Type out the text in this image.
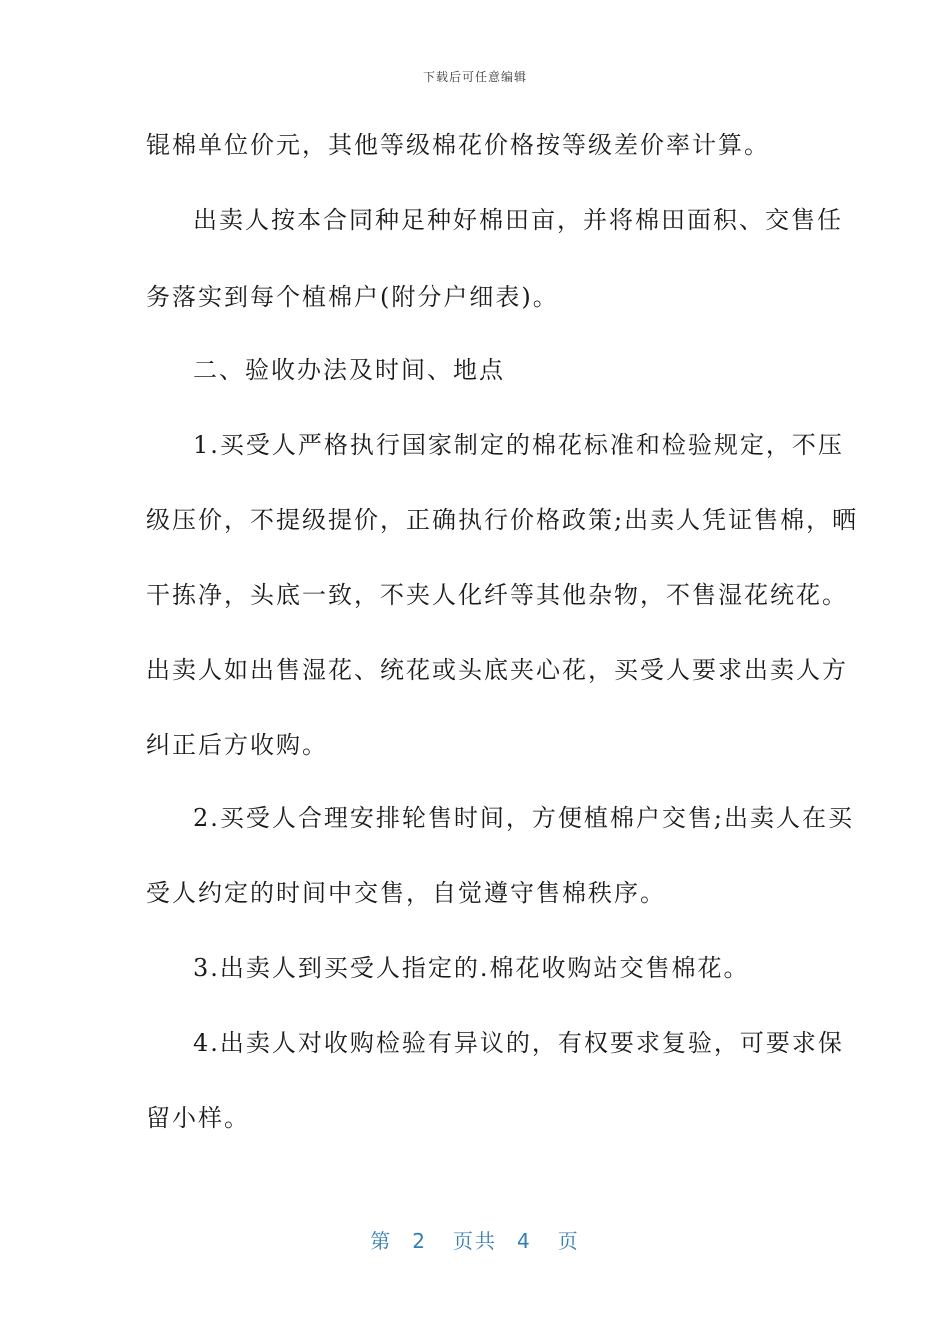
下载后可任意编辑
锟棉单位价元，其他等级棉花价格按等级差价率计算。
出卖人按本合同种足种好棉田亩，并将棉田面积、交售任
务落实到每个植棉户(附分户细表)。
二、验收办法及时间、地点
1.买受人严格执行国家制定的棉花标准和检验规定，不压
级压价，不提级提价，正确执行价格政策;出卖人凭证售棉，晒
干拣净，头底一致，不夹人化纤等其他杂物，不售湿花统花。
出卖人如出售湿花、统花或头底夹心花，买受人要求出卖人方
纠正后方收购。
2.买受人合理安排轮售时间，方便植棉户交售;出卖人在买
受人约定的时间中交售，自觉遵守售棉秩序。
3.出卖人到买受人指定的.棉花收购站交售棉花。
4.出卖人对收购检验有异议的，有权要求复验，可要求保
留小样。
第 2 页共 4 页
